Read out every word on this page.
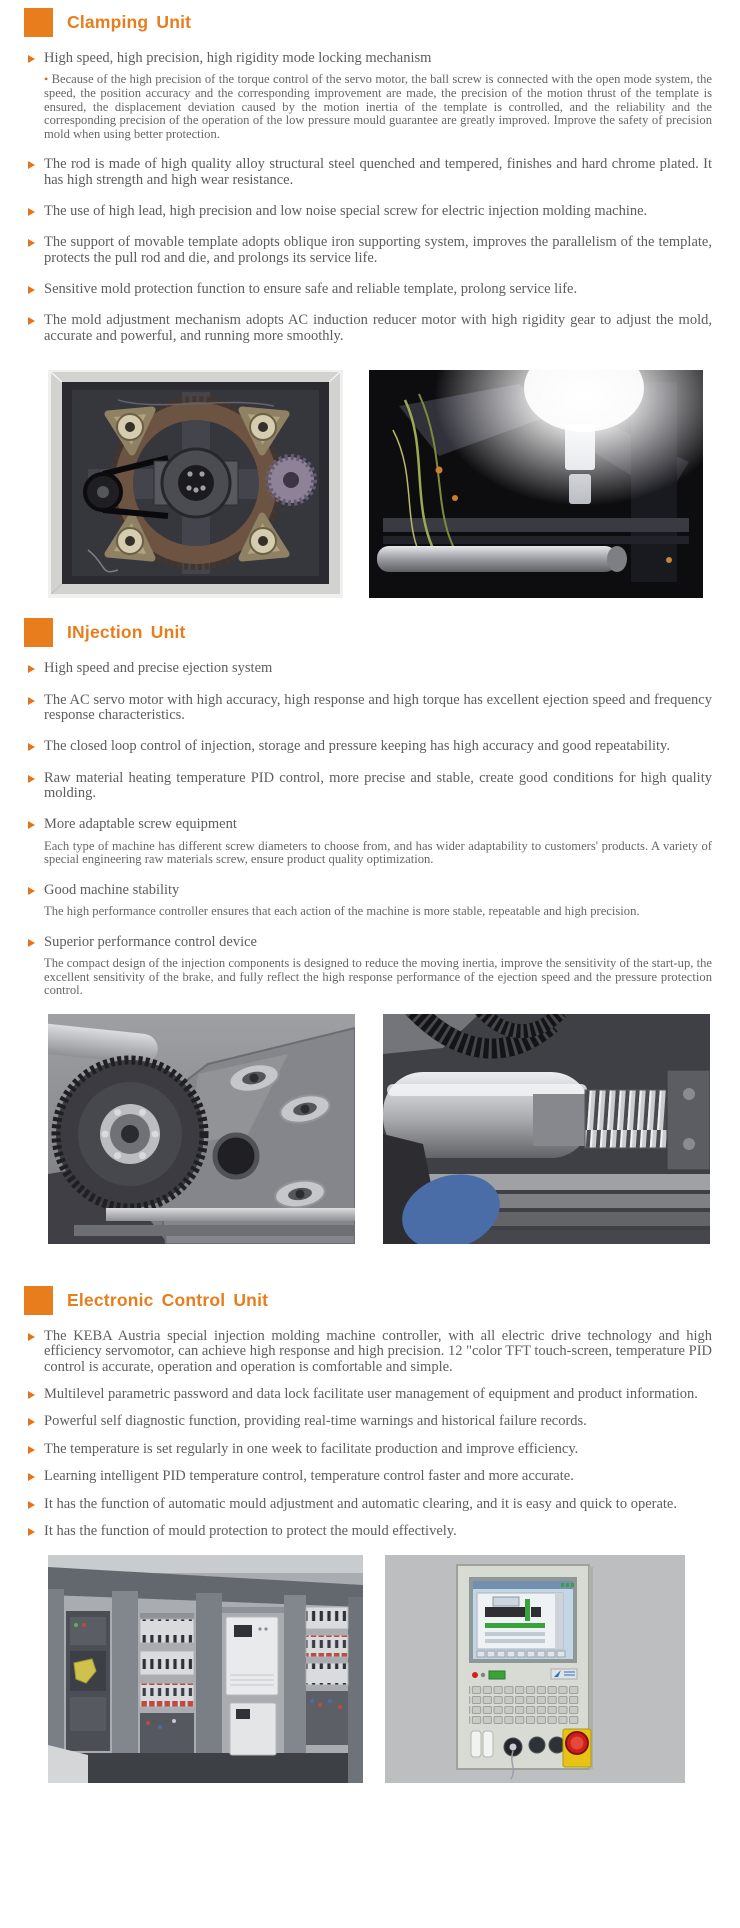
Clamping Unit

High speed, high precision, high rigidity mode locking mechanism

• Because of the high precision of the torque control of the servo motor, the ball screw is connected with the open mode system, the speed, the position accuracy and the corresponding improvement are made, the precision of the motion thrust of the template is ensured, the displacement deviation caused by the motion inertia of the template is controlled, and the reliability and the corresponding precision of the operation of the low pressure mould guarantee are greatly improved. Improve the safety of precision mold when using better protection.

The rod is made of high quality alloy structural steel quenched and tempered, finishes and hard chrome plated. It has high strength and high wear resistance.

The use of high lead, high precision and low noise special screw for electric injection molding machine.

The support of movable template adopts oblique iron supporting system, improves the parallelism of the template, protects the pull rod and die, and prolongs its service life.

Sensitive mold protection function to ensure safe and reliable template, prolong service life.

The mold adjustment mechanism adopts AC induction reducer motor with high rigidity gear to adjust the mold, accurate and powerful, and running more smoothly.

INjection Unit

High speed and precise ejection system

The AC servo motor with high accuracy, high response and high torque has excellent ejection speed and frequency response characteristics.

The closed loop control of injection, storage and pressure keeping has high accuracy and good repeatability.

Raw material heating temperature PID control, more precise and stable, create good conditions for high quality molding.

More adaptable screw equipment

Each type of machine has different screw diameters to choose from, and has wider adaptability to customers' products. A variety of special engineering raw materials screw, ensure product quality optimization.

Good machine stability

The high performance controller ensures that each action of the machine is more stable, repeatable and high precision.

Superior performance control device

The compact design of the injection components is designed to reduce the moving inertia, improve the sensitivity of the start-up, the excellent sensitivity of the brake, and fully reflect the high response performance of the ejection speed and the pressure protection control.

Electronic Control Unit

The KEBA Austria special injection molding machine controller, with all electric drive technology and high efficiency servomotor, can achieve high response and high precision. 12 "color TFT touch-screen, temperature PID control is accurate, operation and operation is comfortable and simple.

Multilevel parametric password and data lock facilitate user management of equipment and product information.

Powerful self diagnostic function, providing real-time warnings and historical failure records.

The temperature is set regularly in one week to facilitate production and improve efficiency.

Learning intelligent PID temperature control, temperature control faster and more accurate.

It has the function of automatic mould adjustment and automatic clearing, and it is easy and quick to operate.

It has the function of mould protection to protect the mould effectively.
